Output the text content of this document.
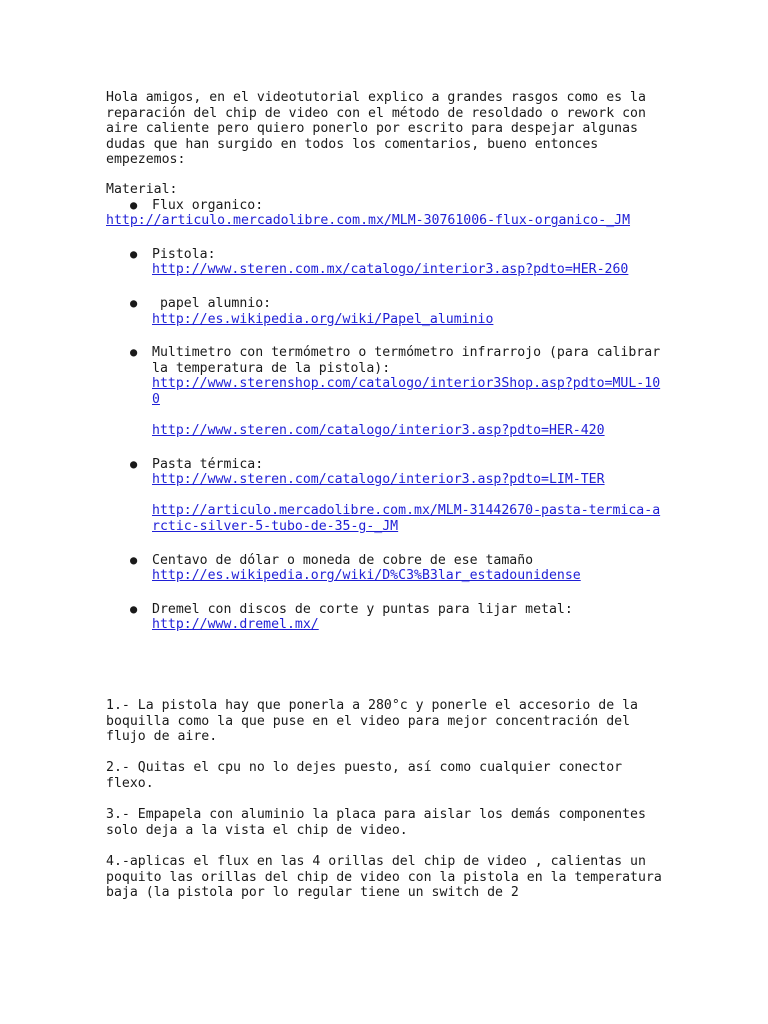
Hola amigos, en el videotutorial explico a grandes rasgos como es la reparación del chip de video con el método de resoldado o rework con aire caliente pero quiero ponerlo por escrito para despejar algunas dudas que han surgido en todos los comentarios, bueno entonces empezemos:

Material:

● Flux organico:
http://articulo.mercadolibre.com.mx/MLM-30761006-flux-organico-_JM
● Pistola:
http://www.steren.com.mx/catalogo/interior3.asp?pdto=HER-260
● papel alumnio:
http://es.wikipedia.org/wiki/Papel_aluminio
● Multimetro con termómetro o termómetro infrarrojo (para calibrar la temperatura de la pistola):
http://www.sterenshop.com/catalogo/interior3Shop.asp?pdto=MUL-100
http://www.steren.com/catalogo/interior3.asp?pdto=HER-420
● Pasta térmica:
http://www.steren.com/catalogo/interior3.asp?pdto=LIM-TER
http://articulo.mercadolibre.com.mx/MLM-31442670-pasta-termica-arctic-silver-5-tubo-de-35-g-_JM
● Centavo de dólar o moneda de cobre de ese tamaño
http://es.wikipedia.org/wiki/D%C3%B3lar_estadounidense
● Dremel con discos de corte y puntas para lijar metal:
http://www.dremel.mx/

1.- La pistola hay que ponerla a 280°c y ponerle el accesorio de la boquilla como la que puse en el video para mejor concentración del flujo de aire.

2.- Quitas el cpu no lo dejes puesto, así como cualquier conector flexo.

3.- Empapela con aluminio la placa para aislar los demás componentes solo deja a la vista el chip de video.

4.-aplicas el flux en las 4 orillas del chip de video , calientas un poquito las orillas del chip de video con la pistola en la temperatura baja (la pistola por lo regular tiene un switch de 2
